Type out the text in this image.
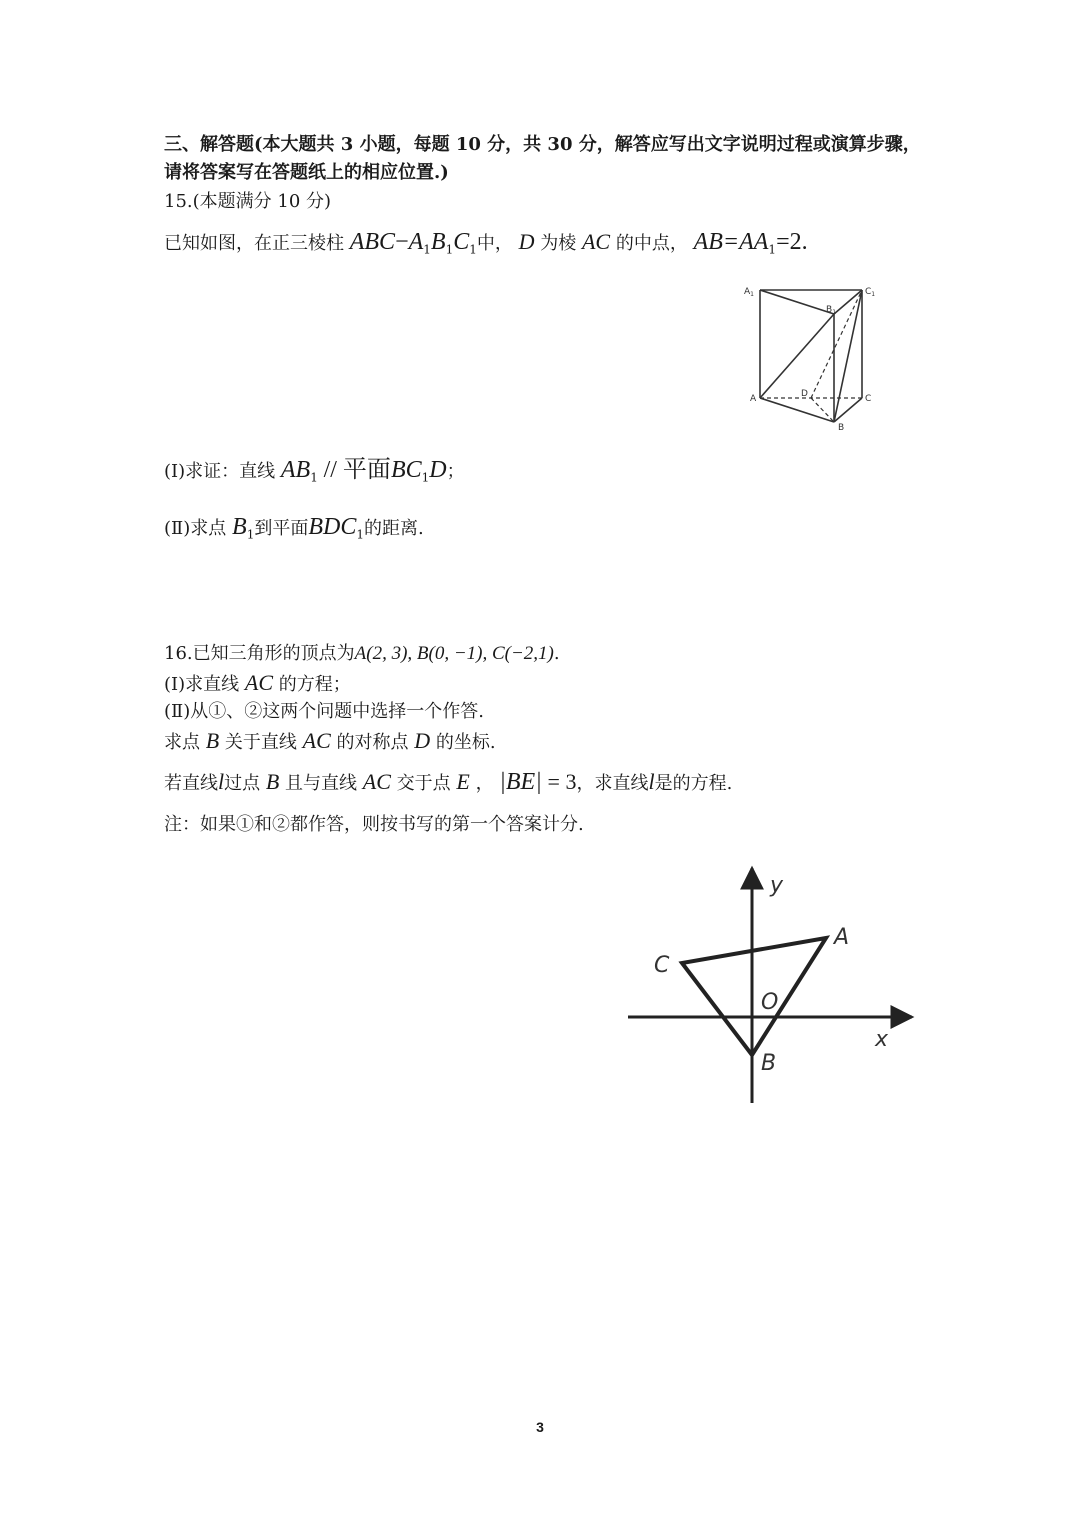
三、解答题(本大题共 3 小题，每题 10 分，共 30 分，解答应写出文字说明过程或演算步骤，
请将答案写在答题纸上的相应位置.)
15.(本题满分 10 分)
已知如图，在正三棱柱 $ABC-A_1B_1C_1$中， D 为棱 AC 的中点， $AB=AA_1=2$.
$A_1$	$C_1$
$B_1$
A	C
B
D
(Ⅰ)求证：直线 $AB_1$ // 平面$BC_1D$；
(Ⅱ)求点 $B_1$到平面$BDC_1$的距离.
16.已知三角形的顶点为A(2, 3), B(0, −1), C(−2,1).
(Ⅰ)求直线 AC 的方程；
(Ⅱ)从①、②这两个问题中选择一个作答.
求点 B 关于直线 AC 的对称点 D 的坐标.
若直线l过点 B 且与直线 AC 交于点 E ， |BE| = 3，求直线l是的方程.
注：如果①和②都作答，则按书写的第一个答案计分.
y
x
A
C
B
O
3
